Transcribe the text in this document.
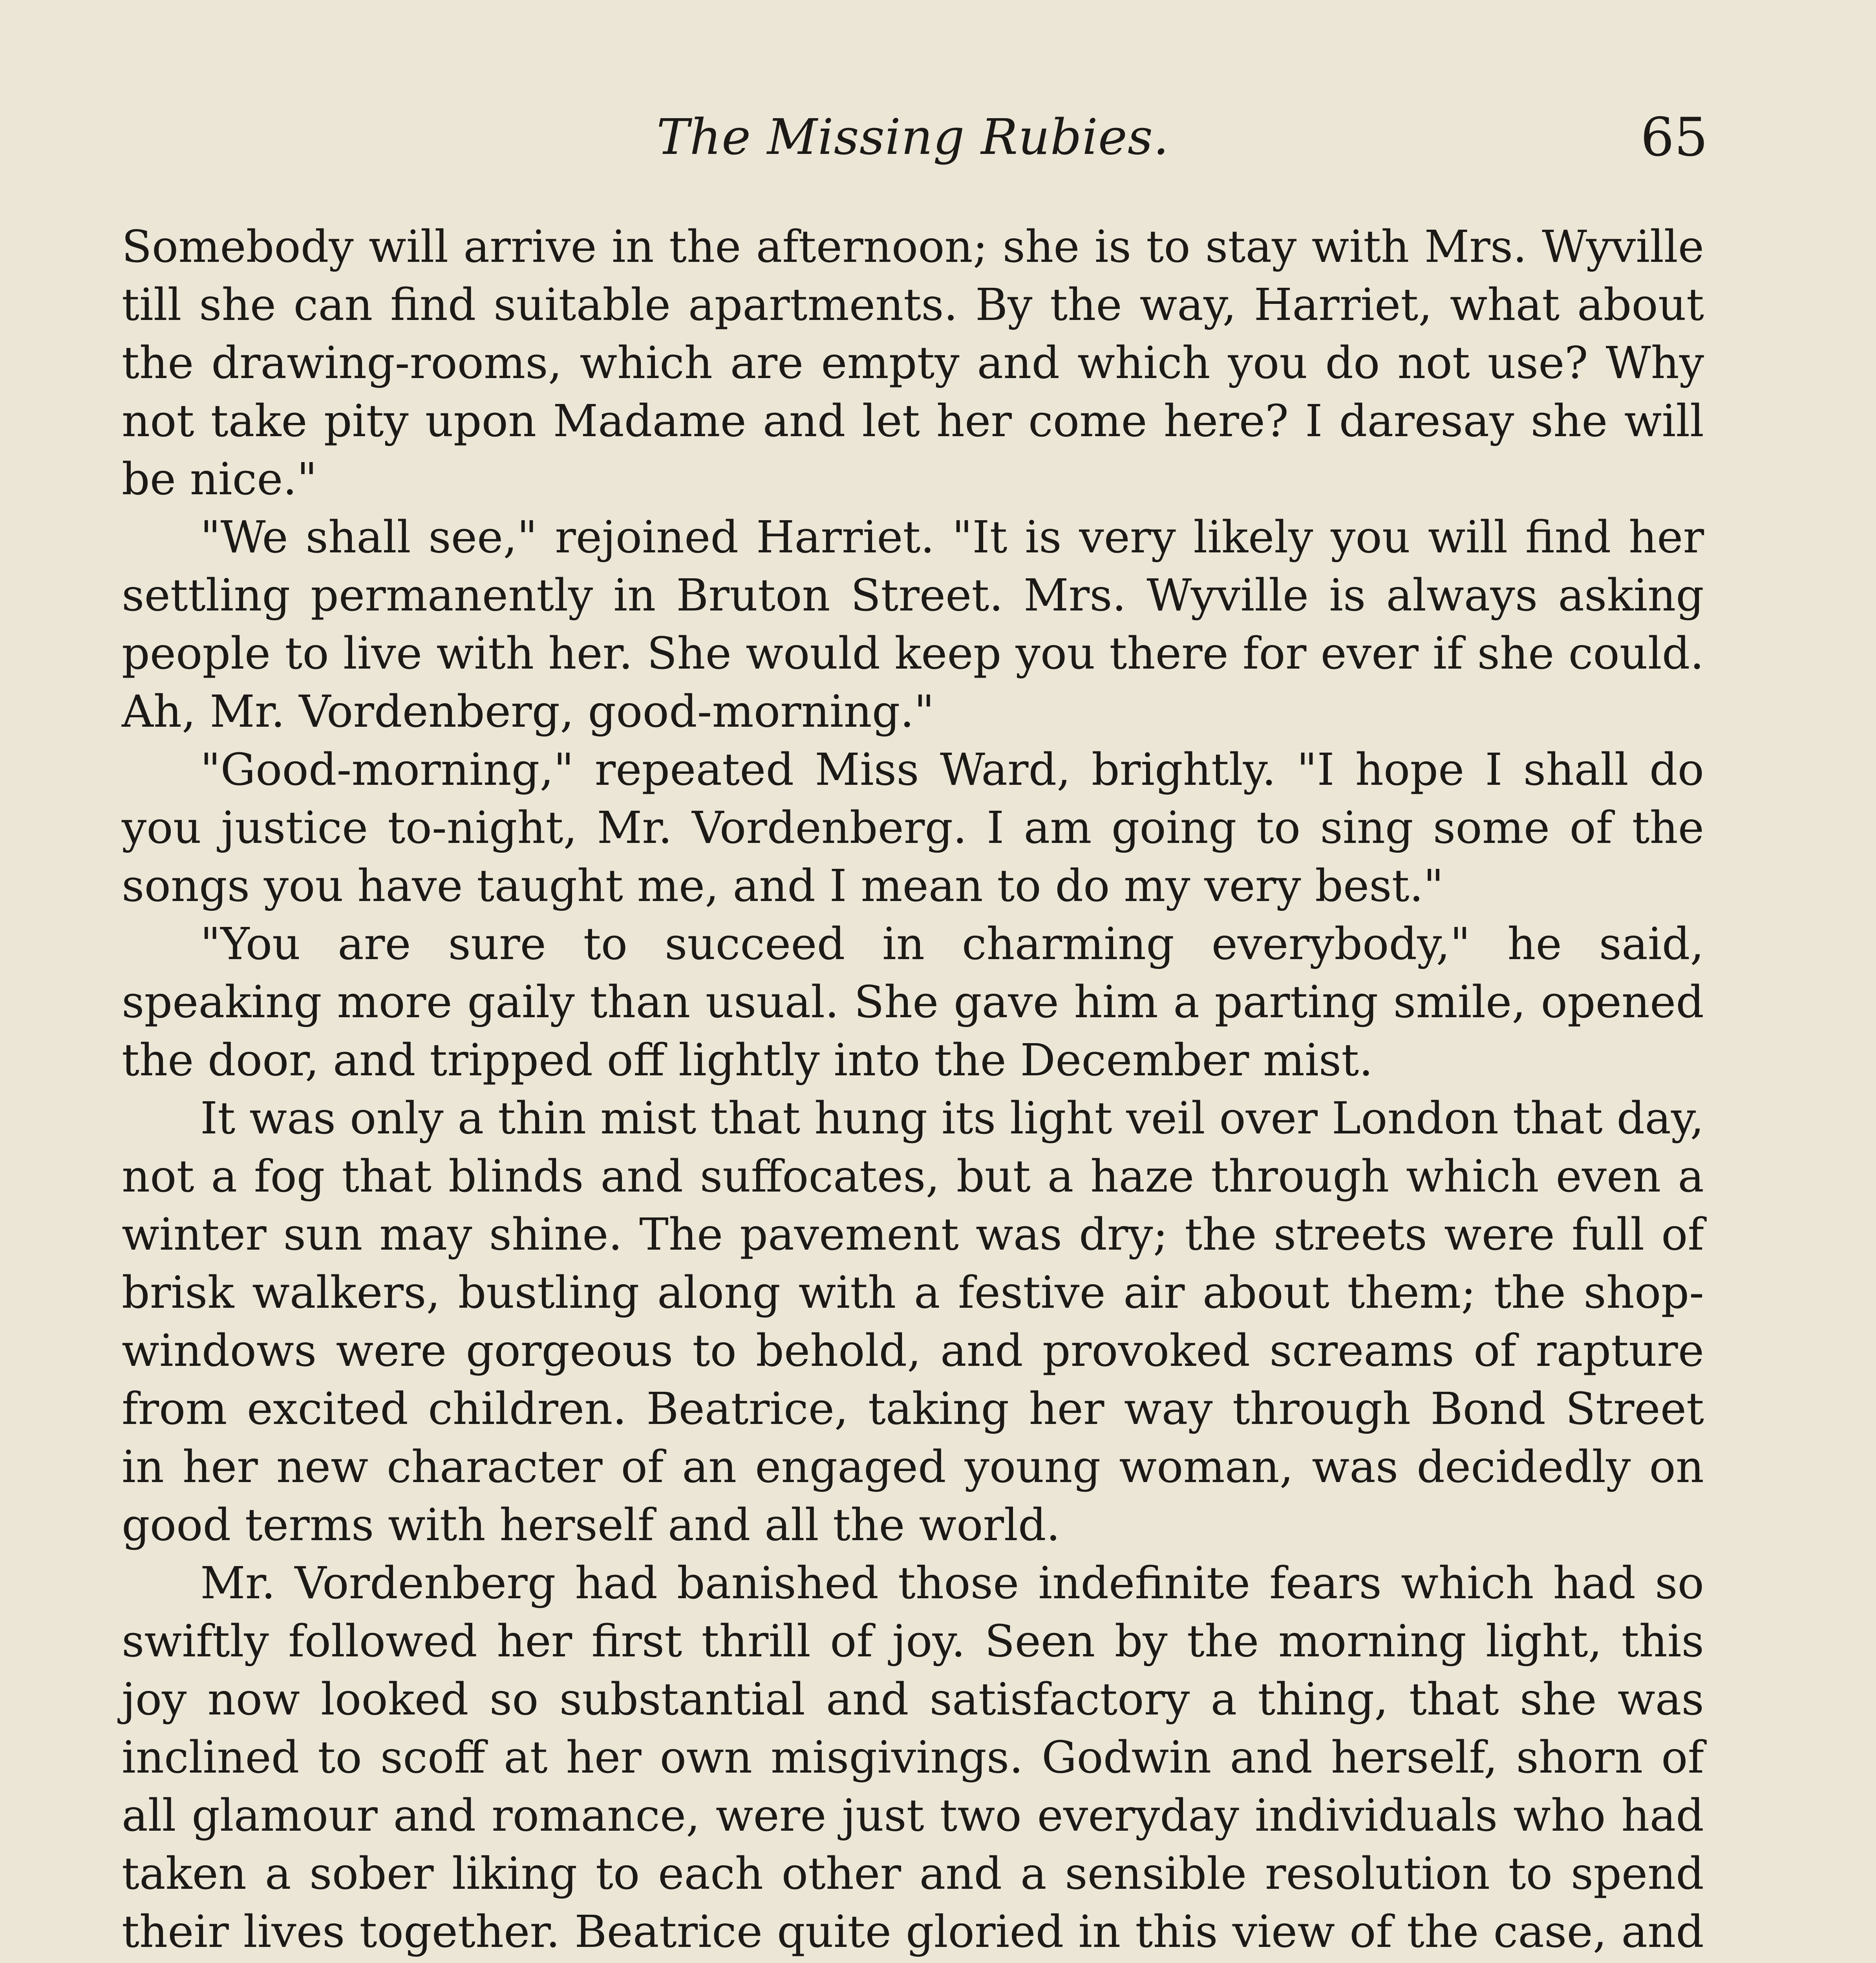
The Missing Rubies.	65

Somebody will arrive in the afternoon; she is to stay with Mrs. Wyville till she can find suitable apartments. By the way, Harriet, what about the drawing-rooms, which are empty and which you do not use? Why not take pity upon Madame and let her come here? I daresay she will be nice."

"We shall see," rejoined Harriet. "It is very likely you will find her settling permanently in Bruton Street. Mrs. Wyville is always asking people to live with her. She would keep you there for ever if she could. Ah, Mr. Vordenberg, good-morning."

"Good-morning," repeated Miss Ward, brightly. "I hope I shall do you justice to-night, Mr. Vordenberg. I am going to sing some of the songs you have taught me, and I mean to do my very best."

"You are sure to succeed in charming everybody," he said, speaking more gaily than usual. She gave him a parting smile, opened the door, and tripped off lightly into the December mist.

It was only a thin mist that hung its light veil over London that day, not a fog that blinds and suffocates, but a haze through which even a winter sun may shine. The pavement was dry; the streets were full of brisk walkers, bustling along with a festive air about them; the shop-windows were gorgeous to behold, and provoked screams of rapture from excited children. Beatrice, taking her way through Bond Street in her new character of an engaged young woman, was decidedly on good terms with herself and all the world.

Mr. Vordenberg had banished those indefinite fears which had so swiftly followed her first thrill of joy. Seen by the morning light, this joy now looked so substantial and satisfactory a thing, that she was inclined to scoff at her own misgivings. Godwin and herself, shorn of all glamour and romance, were just two everyday individuals who had taken a sober liking to each other and a sensible resolution to spend their lives together. Beatrice quite gloried in this view of the case, and
